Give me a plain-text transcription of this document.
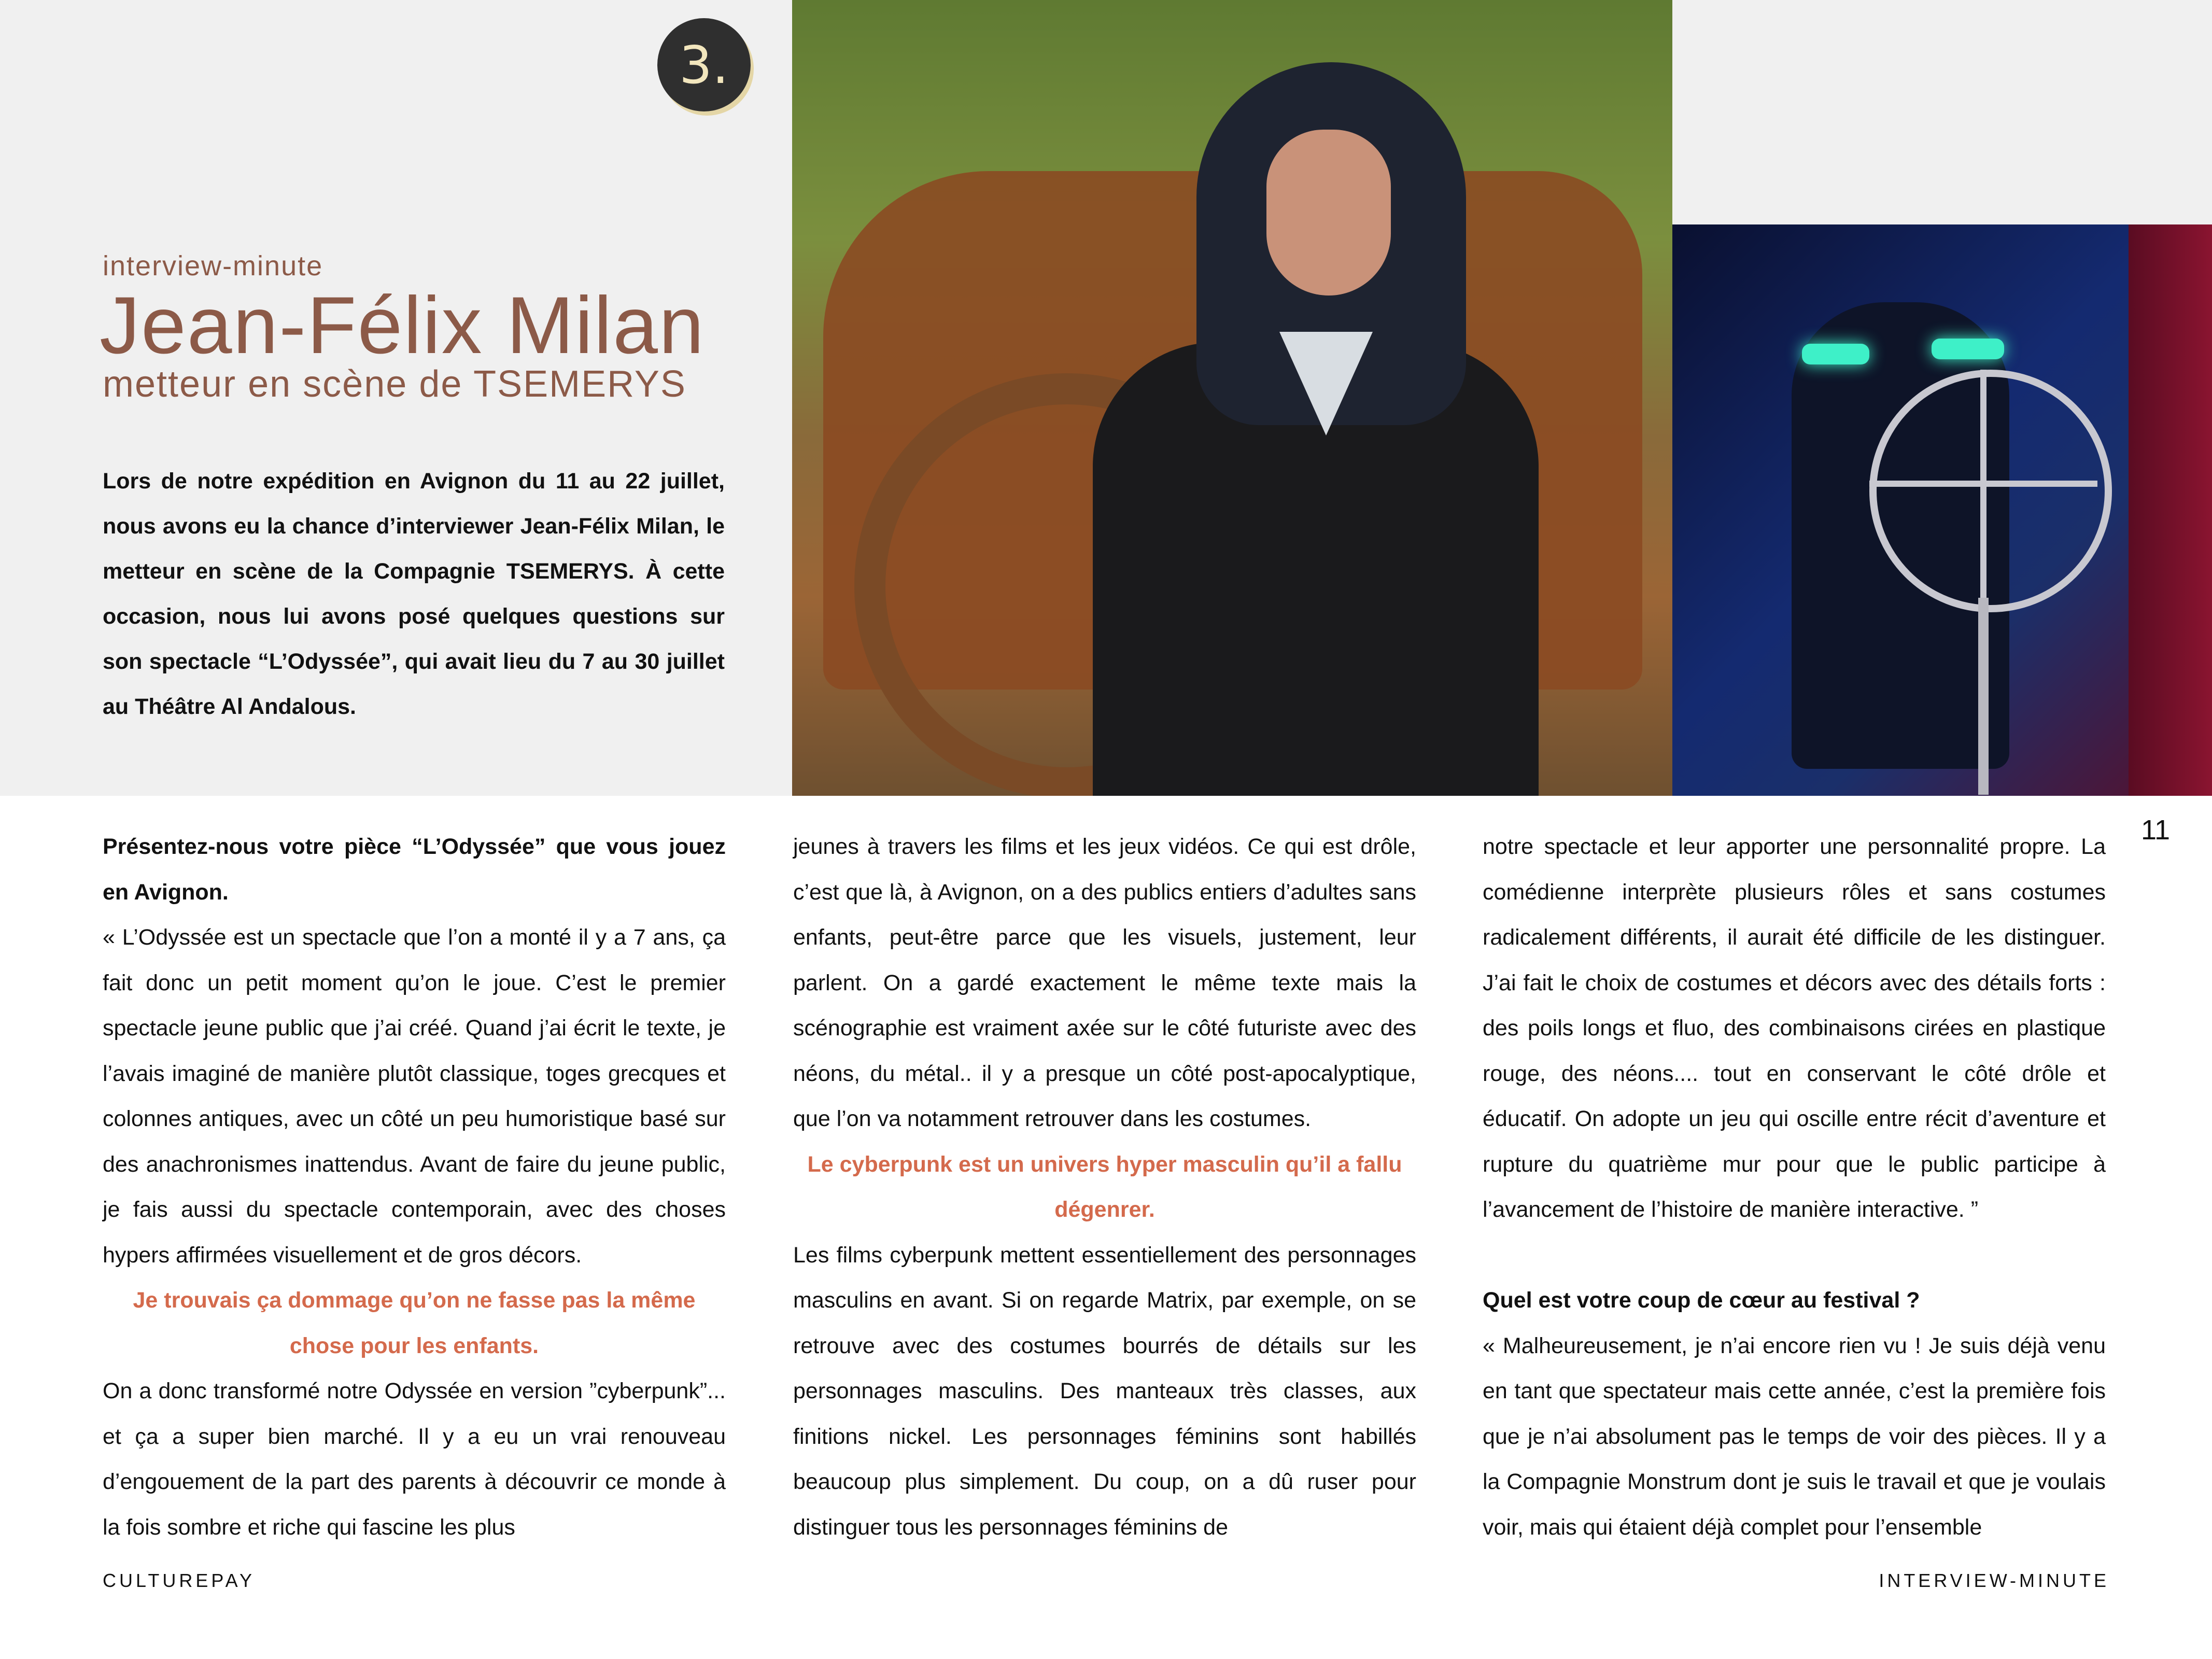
3.
interview-minute
Jean-Félix Milan
metteur en scène de TSEMERYS
Lors de notre expédition en Avignon du 11 au 22 juillet, nous avons eu la chance d’interviewer Jean-Félix Milan, le metteur en scène de la Compagnie TSEMERYS. À cette occasion, nous lui avons posé quelques questions sur son spectacle “L’Odyssée”, qui avait lieu du 7 au 30 juillet au Théâtre Al Andalous.

Présentez-nous votre pièce “L’Odyssée” que vous jouez en Avignon.

« L’Odyssée est un spectacle que l’on a monté il y a 7 ans, ça fait donc un petit moment qu’on le joue. C’est le premier spectacle jeune public que j’ai créé. Quand j’ai écrit le texte, je l’avais imaginé de manière plutôt classique, toges grecques et colonnes antiques, avec un côté un peu humoristique basé sur des anachronismes inattendus. Avant de faire du jeune public, je fais aussi du spectacle contemporain, avec des choses hypers affirmées visuellement et de gros décors.

Je trouvais ça dommage qu’on ne fasse pas la même chose pour les enfants.

On a donc transformé notre Odyssée en version ”cyberpunk”... et ça a super bien marché. Il y a eu un vrai renouveau d’engouement de la part des parents à découvrir ce monde à la fois sombre et riche qui fascine les plus

jeunes à travers les films et les jeux vidéos. Ce qui est drôle, c’est que là, à Avignon, on a des publics entiers d’adultes sans enfants, peut-être parce que les visuels, justement, leur parlent. On a gardé exactement le même texte mais la scénographie est vraiment axée sur le côté futuriste avec des néons, du métal.. il y a presque un côté post-apocalyptique, que l’on va notamment retrouver dans les costumes.

Le cyberpunk est un univers hyper masculin qu’il a fallu dégenrer.

Les films cyberpunk mettent essentiellement des personnages masculins en avant. Si on regarde Matrix, par exemple, on se retrouve avec des costumes bourrés de détails sur les personnages masculins. Des manteaux très classes, aux finitions nickel. Les personnages féminins sont habillés beaucoup plus simplement. Du coup, on a dû ruser pour distinguer tous les personnages féminins de

notre spectacle et leur apporter une personnalité propre. La comédienne interprète plusieurs rôles et sans costumes radicalement différents, il aurait été difficile de les distinguer. J’ai fait le choix de costumes et décors avec des détails forts : des poils longs et fluo, des combinaisons cirées en plastique rouge, des néons.... tout en conservant le côté drôle et éducatif. On adopte un jeu qui oscille entre récit d’aventure et rupture du quatrième mur pour que le public participe à l’avancement de l’histoire de manière interactive. ”

Quel est votre coup de cœur au festival ?

« Malheureusement, je n’ai encore rien vu ! Je suis déjà venu en tant que spectateur mais cette année, c’est la première fois que je n’ai absolument pas le temps de voir des pièces. Il y a la Compagnie Monstrum dont je suis le travail et que je voulais voir, mais qui étaient déjà complet pour l’ensemble

11
CULTUREPAY	INTERVIEW-MINUTE
